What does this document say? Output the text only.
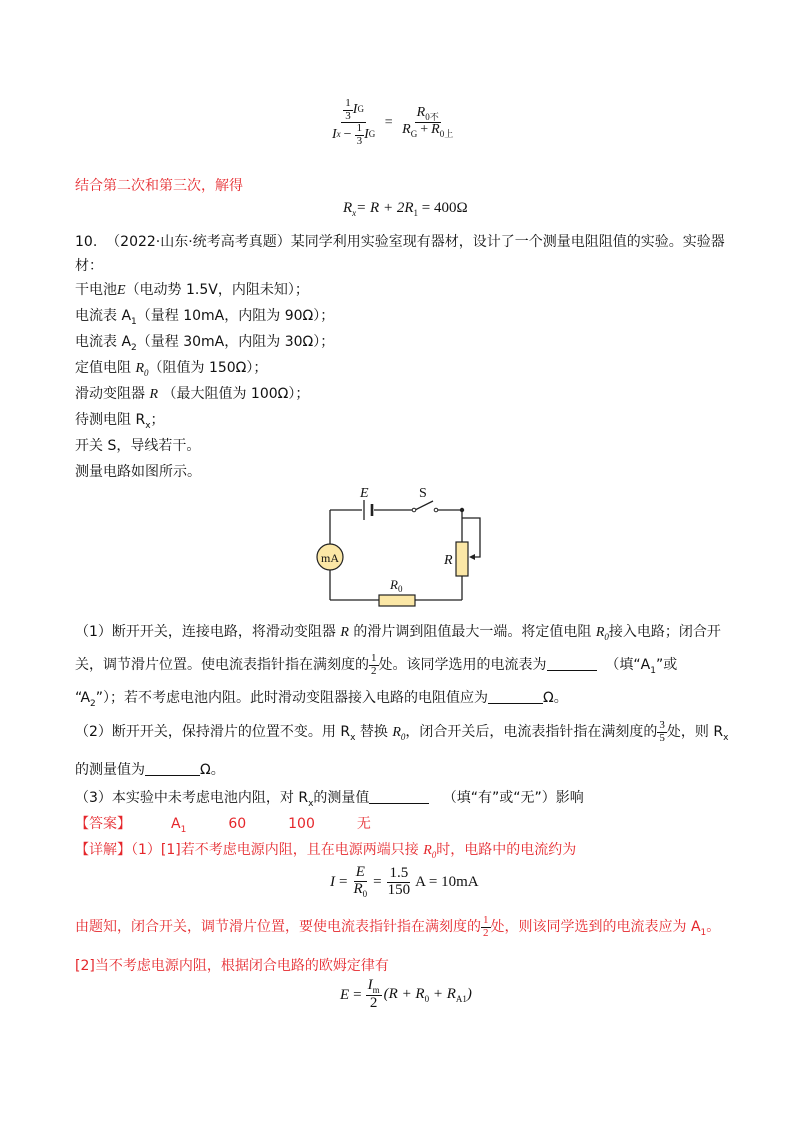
$\frac{\frac{1}{3} I G}{I x - \frac{1}{3} I G} = \frac{R_{0不}}{R_G + R_{0上}}$
结合第二次和第三次，解得
$R_x= R + 2R_1 = 400\Omega$
10. （2022·山东·统考高考真题）某同学利用实验室现有器材，设计了一个测量电阻阻值的实验。实验器
材：
干电池E（电动势 1.5V，内阻未知）；
电流表 $A_1$（量程 10mA，内阻为 90Ω）；
电流表 $A_2$（量程 30mA，内阻为 30Ω）；
定值电阻 $R_0$（阻值为 150Ω）；
滑动变阻器 R （最大阻值为 100Ω）；
待测电阻 $R_x$；
开关 S，导线若干。
测量电路如图所示。
mA
E	S
R
$R_0$
（1）断开开关，连接电路，将滑动变阻器 R 的滑片调到阻值最大一端。将定值电阻 $R_0$接入电路；闭合开
关，调节滑片位置。使电流表指针指在满刻度的 $\frac{1}{2}$ 处。该同学选用的电流表为	（填“$A_1$”或
“$A_2$”）；若不考虑电池内阻。此时滑动变阻器接入电路的电阻值应为	Ω。
（2）断开开关，保持滑片的位置不变。用 $R_x$ 替换 $R_0$，闭合开关后，电流表指针指在满刻度的 $\frac{3}{5}$ 处，则 $R_x$
的测量值为	Ω。
（3）本实验中未考虑电池内阻，对 $R_x$的测量值	（填“有”或“无”）影响
【答案】	$A_1$	60	100	无
【详解】（1）[1]若不考虑电源内阻，且在电源两端只接 $R_0$时，电路中的电流约为
$I = \frac{E}{R_0} = \frac{1.5}{150}$ A = 10mA
由题知，闭合开关，调节滑片位置，要使电流表指针指在满刻度的 $\frac{1}{2}$ 处，则该同学选到的电流表应为 $A_1$。
[2]当不考虑电源内阻，根据闭合电路的欧姆定律有
$E = \frac{I_m}{2} (R + R_0 + R_{A1})$
